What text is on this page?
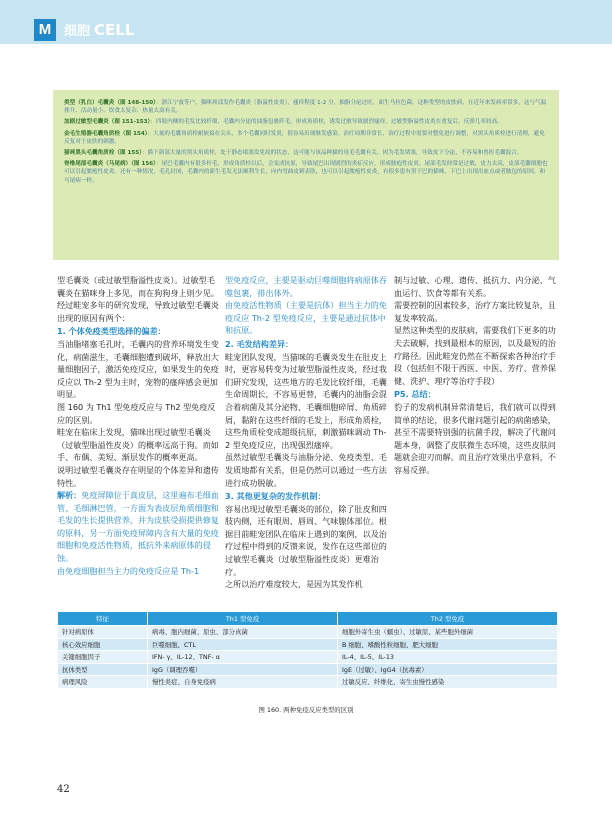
M 细胞 CELL

类型（乳白）毛囊炎（图 148-150）：浙江宁波等户，猫咪须部发作毛囊炎（脂溢性皮炎），瘙痒程度 1-2 分，抽脂分泌过旺，面生马拉色菌。这种类型的皮肤病，在近年来发病率常多，这与气温排升、活动量小、饮食太复杂、热量太高有关。

加剧过敏型毛囊炎（图 151-153）：四肢内侧的毛发比较纤细，毛囊内分泌的油脂包裹纤毛，形成角质栓，诱发过敏导致剧烈瘙痒。过敏型脂溢性皮炎在重复后，反弹几率较高。

金毛生殖器毛囊角质栓（图 154）：大量的毛囊角质栓耐嵌接在尖头，多个毛囊同时发炎，很容易出现继发感染。治疗周期非常长，治疗过程中需要对整免进行调整，对黑头角质栓进行清理，避免反复对于皮肤的刺激。

猫咪黑头毛囊角质栓（图 155）：猫下颌部大量的黑头角质栓，处于静态堵塞发免疫的状态，这可能与该品种猫的母毛毛囊有关。因为毛发堵塞，导致皮下分泌，不容易和兽医毛囊混合。

脊椎尾部毛囊炎（马尾病）（图 156）：尾巴毛囊内有很多杆毛，形成角质栓以后，会变成抗原，导致尾巴出现剧烈的炎症反应，形成脓疱性皮炎，尾部毛发经常是过敏，皮力太高，皮部毛囊细胞也可以引起脓疱性皮炎。还有一种情况，毛孔封闭，毛囊内的新生毛发无法顺利生长，向内弯曲皮刺表肤，也可以引起脓疱性皮炎，有很多患有黑下巴的猫咪，下巴上出现出血点或者脓包的原因，和马尾病一样。

型毛囊炎（或过敏型脂溢性皮炎）。过敏型毛囊炎在猫咪身上多见，而在狗狗身上则少见。经过畦宠多年的研究发现，导致过敏型毛囊炎出现的原因有两个：

1. 个体免疫类型选择的偏差：

当油脂堵塞毛孔时，毛囊内的营养环境发生变化，病菌滋生，毛囊细胞遭到破坏，释放出大量细胞因子，激活免疫反应，如果发生的免疫反应以 Th-2 型为主时，宠物的瘙痒感会更加明显。

图 160 为 Th1 型免疫反应与 Th2 型免疫反应的区别。

畦宠在临床上发现，猫咪出现过敏型毛囊炎（过敏型脂溢性皮炎）的概率远高于狗。而如手、布偶、美短、渐层发作的概率更高。

说明过敏型毛囊炎存在明显的个体差异和遗传特性。

解析：免疫屏障位于真皮层，这里遍布毛细血管、毛细淋巴管，一方面为表皮层角质细胞和毛发的生长提供营养，并为皮肤受损提供修复的原料，另一方面免疫屏障内含有大量的免疫细胞和免疫活性物质，抵抗外来病原体的侵蚀。

由免疫细胞担当主力的免疫反应是 Th-1

型免疫反应，主要是驱动巨噬细胞将病原体吞噬包裹，排出体外。

由免疫活性物质（主要是抗体）担当主力的免疫反应 Th-2 型免疫反应，主要是通过抗体中和抗原。

2. 毛发结构差异：

畦宠团队发现，当猫咪的毛囊炎发生在肚皮上时，更容易转变为过敏型脂溢性皮炎，经过我们研究发现，这些地方的毛发比较纤细，毛囊生命周期长，不容易更替，毛囊内的油脂会混合着病菌及其分泌物、毛囊细胞碎屑、角质碎屑，黏附在这些纤细的毛发上，形成角质栓，这些角质栓变成超级抗原，刺激猫咪调动 Th-2 型免疫反应，出现强烈瘙痒。

虽然过敏型毛囊炎与油脂分泌、免疫类型、毛发质地都有关系，但是仍然可以通过一些方法进行成功脱敏。

3. 其他更复杂的发作机制：

容易出现过敏型毛囊炎的部位，除了肚皮和四肢内侧，还有眼周、唇周、气味腺体部位。根据目前畦宠团队在临床上遇到的案例，以及治疗过程中得到的反馈来说，发作在这些部位的过敏型毛囊炎（过敏型脂溢性皮炎）更难治疗。

之所以治疗难度较大，是因为其发作机

制与过敏、心理、遗传、抵抗力、内分泌、气血运行、饮食等都有关系。

需要控制的因素较多，治疗方案比较复杂，且复发率较高。

显然这种类型的皮肤病，需要我们下更多的功夫去破解，找到最根本的原因，以及最短的治疗路径。因此畦宠仍然在不断探索各种治疗手段（包括但不限于西医、中医、芳疗、营养保健、洗护、理疗等治疗手段）

P5. 总结：

豹子的发病机制异常清楚后，我们就可以得到简单的结论，很多代谢问题引起的病菌感染，甚至不需要特别强的抗菌手段，解决了代谢问题本身，调整了皮肤微生态环境，这些皮肤问题就会迎刃而解。而且治疗效果出乎意料，不容易反弹。

特征	Th1 型免疫	Th2 型免疫
针对病原体	病毒、胞内细菌、原虫、部分真菌	细胞外寄生虫（蠕虫）、过敏原、某些胞外细菌
核心效应细胞	巨噬细胞、CTL	B 细胞、嗜酸性粒细胞、肥大细胞
关键细胞因子	IFN- γ、IL-12、TNF- α	IL-4、IL-5、IL-13
抗体类型	IgG（调理吞噬）	IgE（过敏）、IgG4（抗毒素）
病理风险	慢性炎症、自身免疫病	过敏反应、纤维化、寄生虫慢性感染
图 160. 两种免疫反应类型的区别
42
